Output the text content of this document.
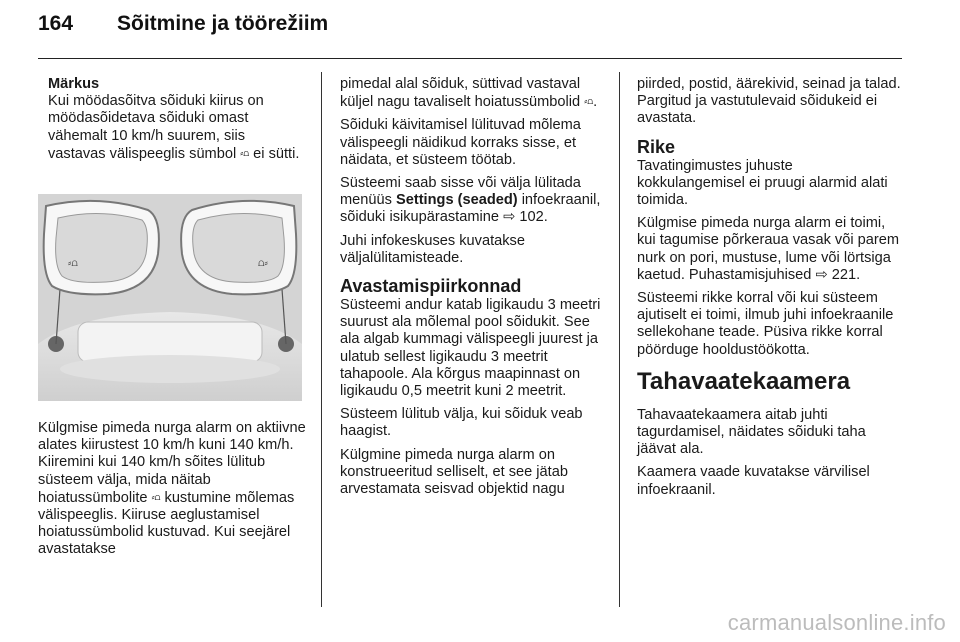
164 Sõitmine ja töörežiim
Märkus

Kui möödasõitva sõiduki kiirus on möödasõidetava sõiduki omast vähemalt 10 km/h suurem, siis vastavas välispeeglis sümbol ⸗⩍ ei sütti.

⸗⩍	⩍⸗
Külgmise pimeda nurga alarm on aktiivne alates kiirustest 10 km/h kuni 140 km/h. Kiiremini kui 140 km/h sõites lülitub süsteem välja, mida näitab hoiatussümbolite ⸗⩍ kustumine mõlemas välispeeglis. Kiiruse aeglustamisel hoiatussümbolid kustuvad. Kui seejärel avastatakse

pimedal alal sõiduk, süttivad vastaval küljel nagu tavaliselt hoiatussümbolid ⸗⩍.

Sõiduki käivitamisel lülituvad mõlema välispeegli näidikud korraks sisse, et näidata, et süsteem töötab.

Süsteemi saab sisse või välja lülitada menüüs Settings (seaded) infoekraanil, sõiduki isikupärastamine ⇨ 102.

Juhi infokeskuses kuvatakse väljalülitamisteade.

Avastamispiirkonnad

Süsteemi andur katab ligikaudu 3 meetri suurust ala mõlemal pool sõidukit. See ala algab kummagi välispeegli juurest ja ulatub sellest ligikaudu 3 meetrit tahapoole. Ala kõrgus maapinnast on ligikaudu 0,5 meetrit kuni 2 meetrit.

Süsteem lülitub välja, kui sõiduk veab haagist.

Külgmine pimeda nurga alarm on konstrueeritud selliselt, et see jätab arvestamata seisvad objektid nagu

piirded, postid, äärekivid, seinad ja talad. Pargitud ja vastutulevaid sõidukeid ei avastata.

Rike

Tavatingimustes juhuste kokkulangemisel ei pruugi alarmid alati toimida.

Külgmise pimeda nurga alarm ei toimi, kui tagumise põrkeraua vasak või parem nurk on pori, mustuse, lume või lörtsiga kaetud. Puhastamisjuhised ⇨ 221.

Süsteemi rikke korral või kui süsteem ajutiselt ei toimi, ilmub juhi infoekraanile sellekohane teade. Püsiva rikke korral pöörduge hooldustöökotta.

Tahavaatekaamera

Tahavaatekaamera aitab juhti tagurdamisel, näidates sõiduki taha jäävat ala.

Kaamera vaade kuvatakse värvilisel infoekraanil.

carmanualsonline.info
